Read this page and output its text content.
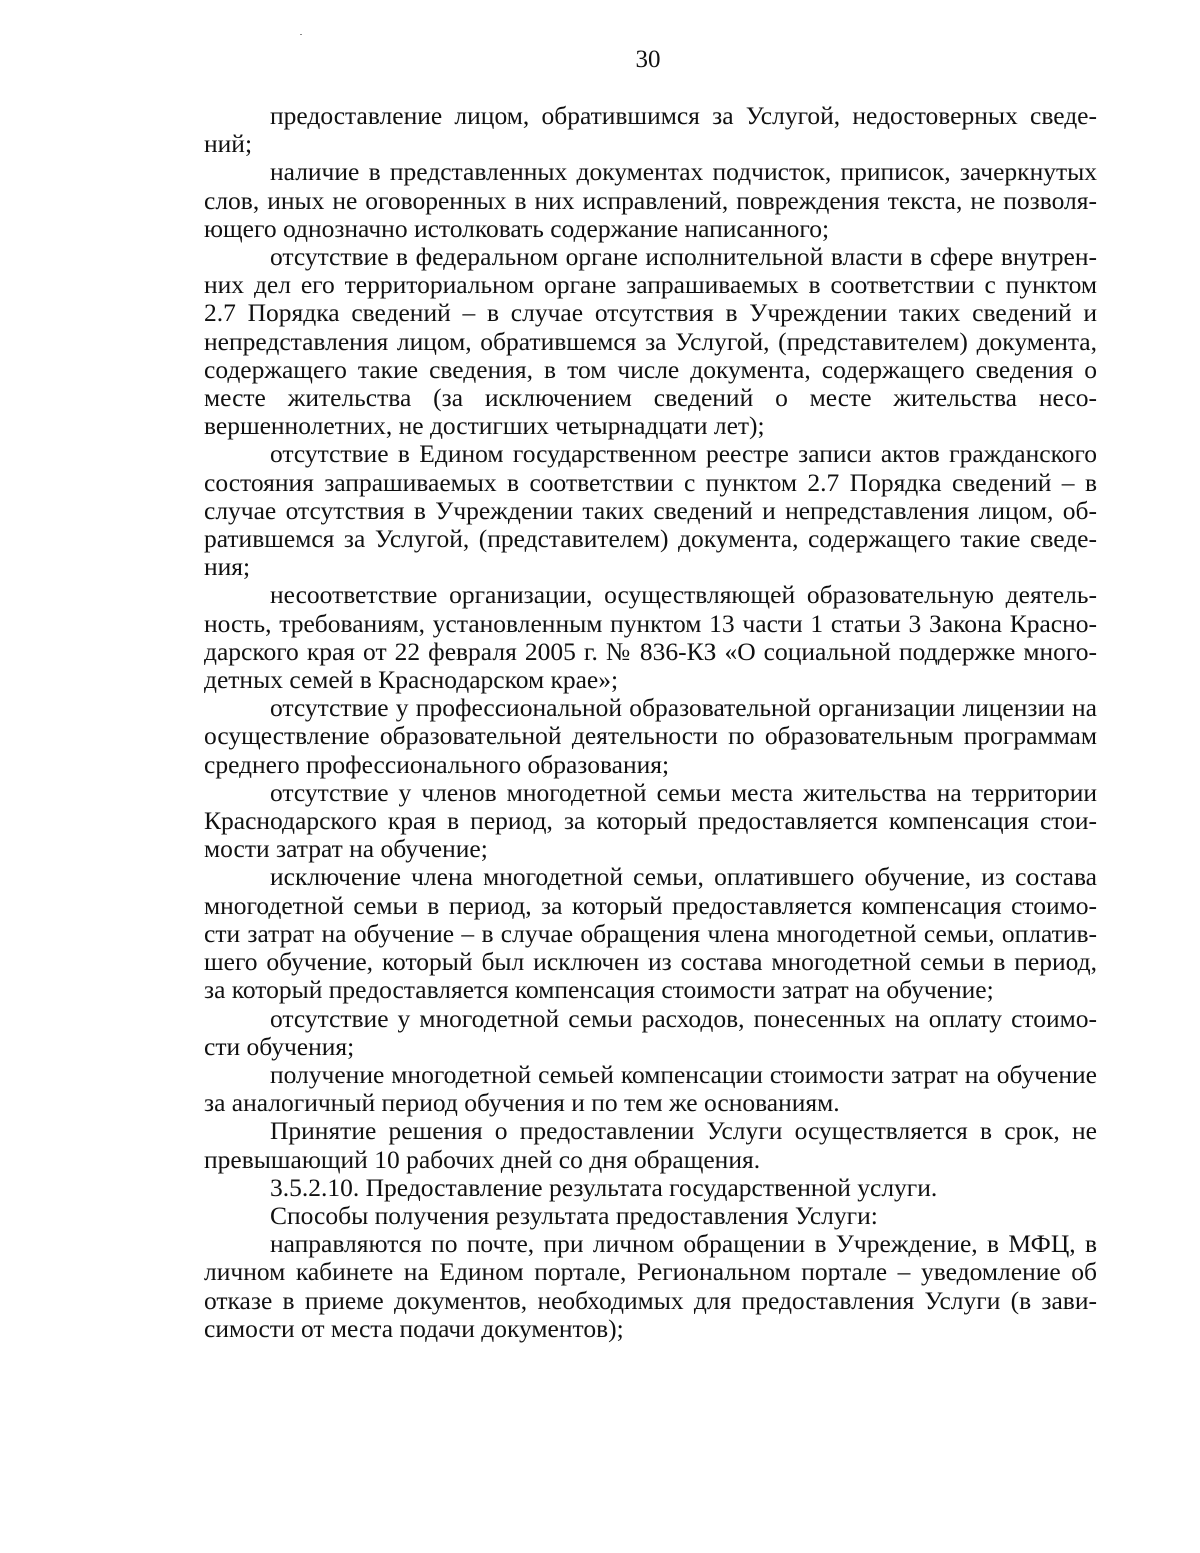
30

предоставление лицом, обратившимся за Услугой, недостоверных сведений;

наличие в представленных документах подчисток, приписок, зачеркнутых слов, иных не оговоренных в них исправлений, повреждения текста, не позволяющего однозначно истолковать содержание написанного;

отсутствие в федеральном органе исполнительной власти в сфере внутренних дел его территориальном органе запрашиваемых в соответствии с пунктом 2.7 Порядка сведений – в случае отсутствия в Учреждении таких сведений и непредставления лицом, обратившемся за Услугой, (представителем) документа, содержащего такие сведения, в том числе документа, содержащего сведения о месте жительства (за исключением сведений о месте жительства несовершеннолетних, не достигших четырнадцати лет);

отсутствие в Едином государственном реестре записи актов гражданского состояния запрашиваемых в соответствии с пунктом 2.7 Порядка сведений – в случае отсутствия в Учреждении таких сведений и непредставления лицом, обратившемся за Услугой, (представителем) документа, содержащего такие сведения;

несоответствие организации, осуществляющей образовательную деятельность, требованиям, установленным пунктом 13 части 1 статьи 3 Закона Краснодарского края от 22 февраля 2005 г. № 836-КЗ «О социальной поддержке многодетных семей в Краснодарском крае»;

отсутствие у профессиональной образовательной организации лицензии на осуществление образовательной деятельности по образовательным программам среднего профессионального образования;

отсутствие у членов многодетной семьи места жительства на территории Краснодарского края в период, за который предоставляется компенсация стоимости затрат на обучение;

исключение члена многодетной семьи, оплатившего обучение, из состава многодетной семьи в период, за который предоставляется компенсация стоимости затрат на обучение – в случае обращения члена многодетной семьи, оплатившего обучение, который был исключен из состава многодетной семьи в период, за который предоставляется компенсация стоимости затрат на обучение;

отсутствие у многодетной семьи расходов, понесенных на оплату стоимости обучения;

получение многодетной семьей компенсации стоимости затрат на обучение за аналогичный период обучения и по тем же основаниям.

Принятие решения о предоставлении Услуги осуществляется в срок, не превышающий 10 рабочих дней со дня обращения.

3.5.2.10. Предоставление результата государственной услуги.

Способы получения результата предоставления Услуги:

направляются по почте, при личном обращении в Учреждение, в МФЦ, в личном кабинете на Едином портале, Региональном портале – уведомление об отказе в приеме документов, необходимых для предоставления Услуги (в зависимости от места подачи документов);
